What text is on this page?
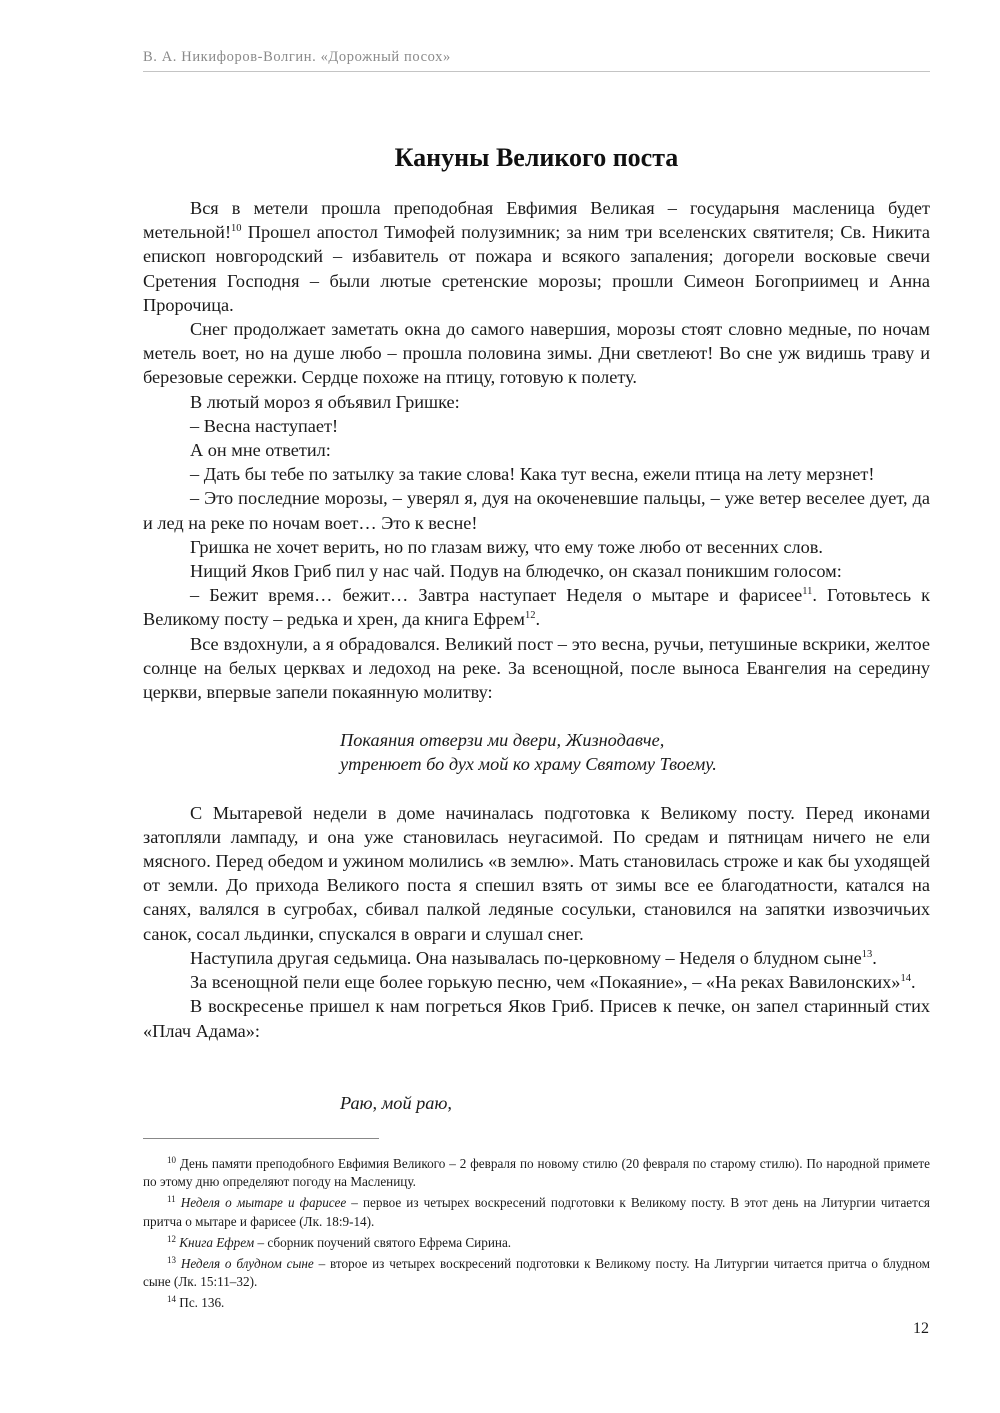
В. А. Никифоров-Волгин. «Дорожный посох»
Кануны Великого поста

Вся в метели прошла преподобная Евфимия Великая – государыня масленица будет метельной!$^{10}$ Прошел апостол Тимофей полузимник; за ним три вселенских святителя; Св. Никита епископ новгородский – избавитель от пожара и всякого запаления; догорели восковые свечи Сретения Господня – были лютые сретенские морозы; прошли Симеон Богоприимец и Анна Пророчица.

Снег продолжает заметать окна до самого навершия, морозы стоят словно медные, по ночам метель воет, но на душе любо – прошла половина зимы. Дни светлеют! Во сне уж видишь траву и березовые сережки. Сердце похоже на птицу, готовую к полету.

В лютый мороз я объявил Гришке:

– Весна наступает!

А он мне ответил:

– Дать бы тебе по затылку за такие слова! Кака тут весна, ежели птица на лету мерзнет!

– Это последние морозы, – уверял я, дуя на окоченевшие пальцы, – уже ветер веселее дует, да и лед на реке по ночам воет… Это к весне!

Гришка не хочет верить, но по глазам вижу, что ему тоже любо от весенних слов.

Нищий Яков Гриб пил у нас чай. Подув на блюдечко, он сказал поникшим голосом:

– Бежит время… бежит… Завтра наступает Неделя о мытаре и фарисее$^{11}$. Готовьтесь к Великому посту – редька и хрен, да книга Ефрем$^{12}$.

Все вздохнули, а я обрадовался. Великий пост – это весна, ручьи, петушиные вскрики, желтое солнце на белых церквах и ледоход на реке. За всенощной, после выноса Евангелия на середину церкви, впервые запели покаянную молитву:

Покаяния отверзи ми двери, Жизнодавче,
утренюет бо дух мой ко храму Святому Твоему.

С Мытаревой недели в доме начиналась подготовка к Великому посту. Перед иконами затопляли лампаду, и она уже становилась неугасимой. По средам и пятницам ничего не ели мясного. Перед обедом и ужином молились «в землю». Мать становилась строже и как бы уходящей от земли. До прихода Великого поста я спешил взять от зимы все ее благодатности, катался на санях, валялся в сугробах, сбивал палкой ледяные сосульки, становился на запятки извозчичьих санок, сосал льдинки, спускался в овраги и слушал снег.

Наступила другая седьмица. Она называлась по-церковному – Неделя о блудном сыне$^{13}$.

За всенощной пели еще более горькую песню, чем «Покаяние», – «На реках Вавилонских»$^{14}$.

В воскресенье пришел к нам погреться Яков Гриб. Присев к печке, он запел старинный стих «Плач Адама»:

Раю, мой раю,

$^{10}$ День памяти преподобного Евфимия Великого – 2 февраля по новому стилю (20 февраля по старому стилю). По народной примете по этому дню определяют погоду на Масленицу.

$^{11}$ Неделя о мытаре и фарисее – первое из четырех воскресений подготовки к Великому посту. В этот день на Литургии читается притча о мытаре и фарисее (Лк. 18:9-14).

$^{12}$ Книга Ефрем – сборник поучений святого Ефрема Сирина.

$^{13}$ Неделя о блудном сыне – второе из четырех воскресений подготовки к Великому посту. На Литургии читается притча о блудном сыне (Лк. 15:11–32).

$^{14}$ Пс. 136.

12
